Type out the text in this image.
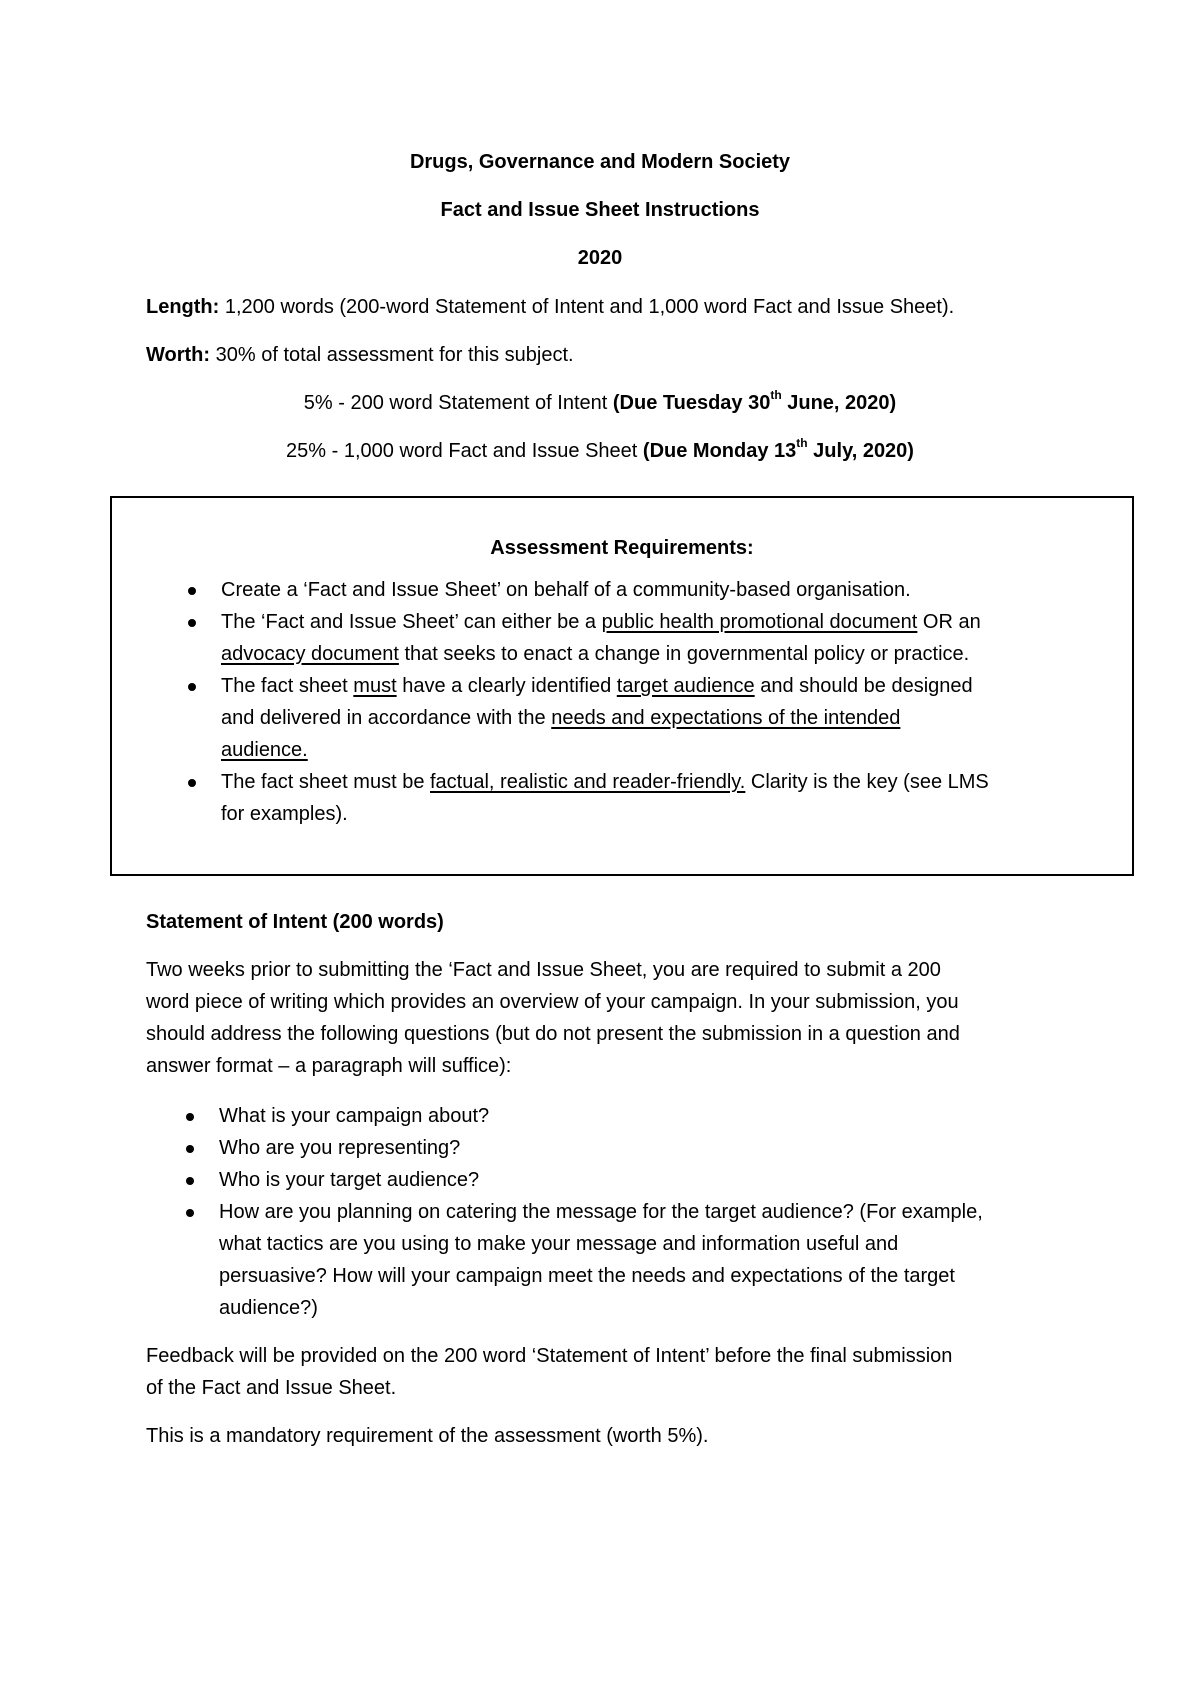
Drugs, Governance and Modern Society
Fact and Issue Sheet Instructions
2020
Length: 1,200 words (200-word Statement of Intent and 1,000 word Fact and Issue Sheet).
Worth: 30% of total assessment for this subject.
5% - 200 word Statement of Intent (Due Tuesday 30th June, 2020)
25% - 1,000 word Fact and Issue Sheet (Due Monday 13th July, 2020)
Assessment Requirements:
Create a ‘Fact and Issue Sheet’ on behalf of a community-based organisation.
The ‘Fact and Issue Sheet’ can either be a public health promotional document OR an
advocacy document that seeks to enact a change in governmental policy or practice.
The fact sheet must have a clearly identified target audience and should be designed
and delivered in accordance with the needs and expectations of the intended
audience.
The fact sheet must be factual, realistic and reader-friendly. Clarity is the key (see LMS
for examples).
Statement of Intent (200 words)
Two weeks prior to submitting the ‘Fact and Issue Sheet, you are required to submit a 200
word piece of writing which provides an overview of your campaign. In your submission, you
should address the following questions (but do not present the submission in a question and
answer format – a paragraph will suffice):
What is your campaign about?
Who are you representing?
Who is your target audience?
How are you planning on catering the message for the target audience? (For example,
what tactics are you using to make your message and information useful and
persuasive? How will your campaign meet the needs and expectations of the target
audience?)
Feedback will be provided on the 200 word ‘Statement of Intent’ before the final submission
of the Fact and Issue Sheet.
This is a mandatory requirement of the assessment (worth 5%).
